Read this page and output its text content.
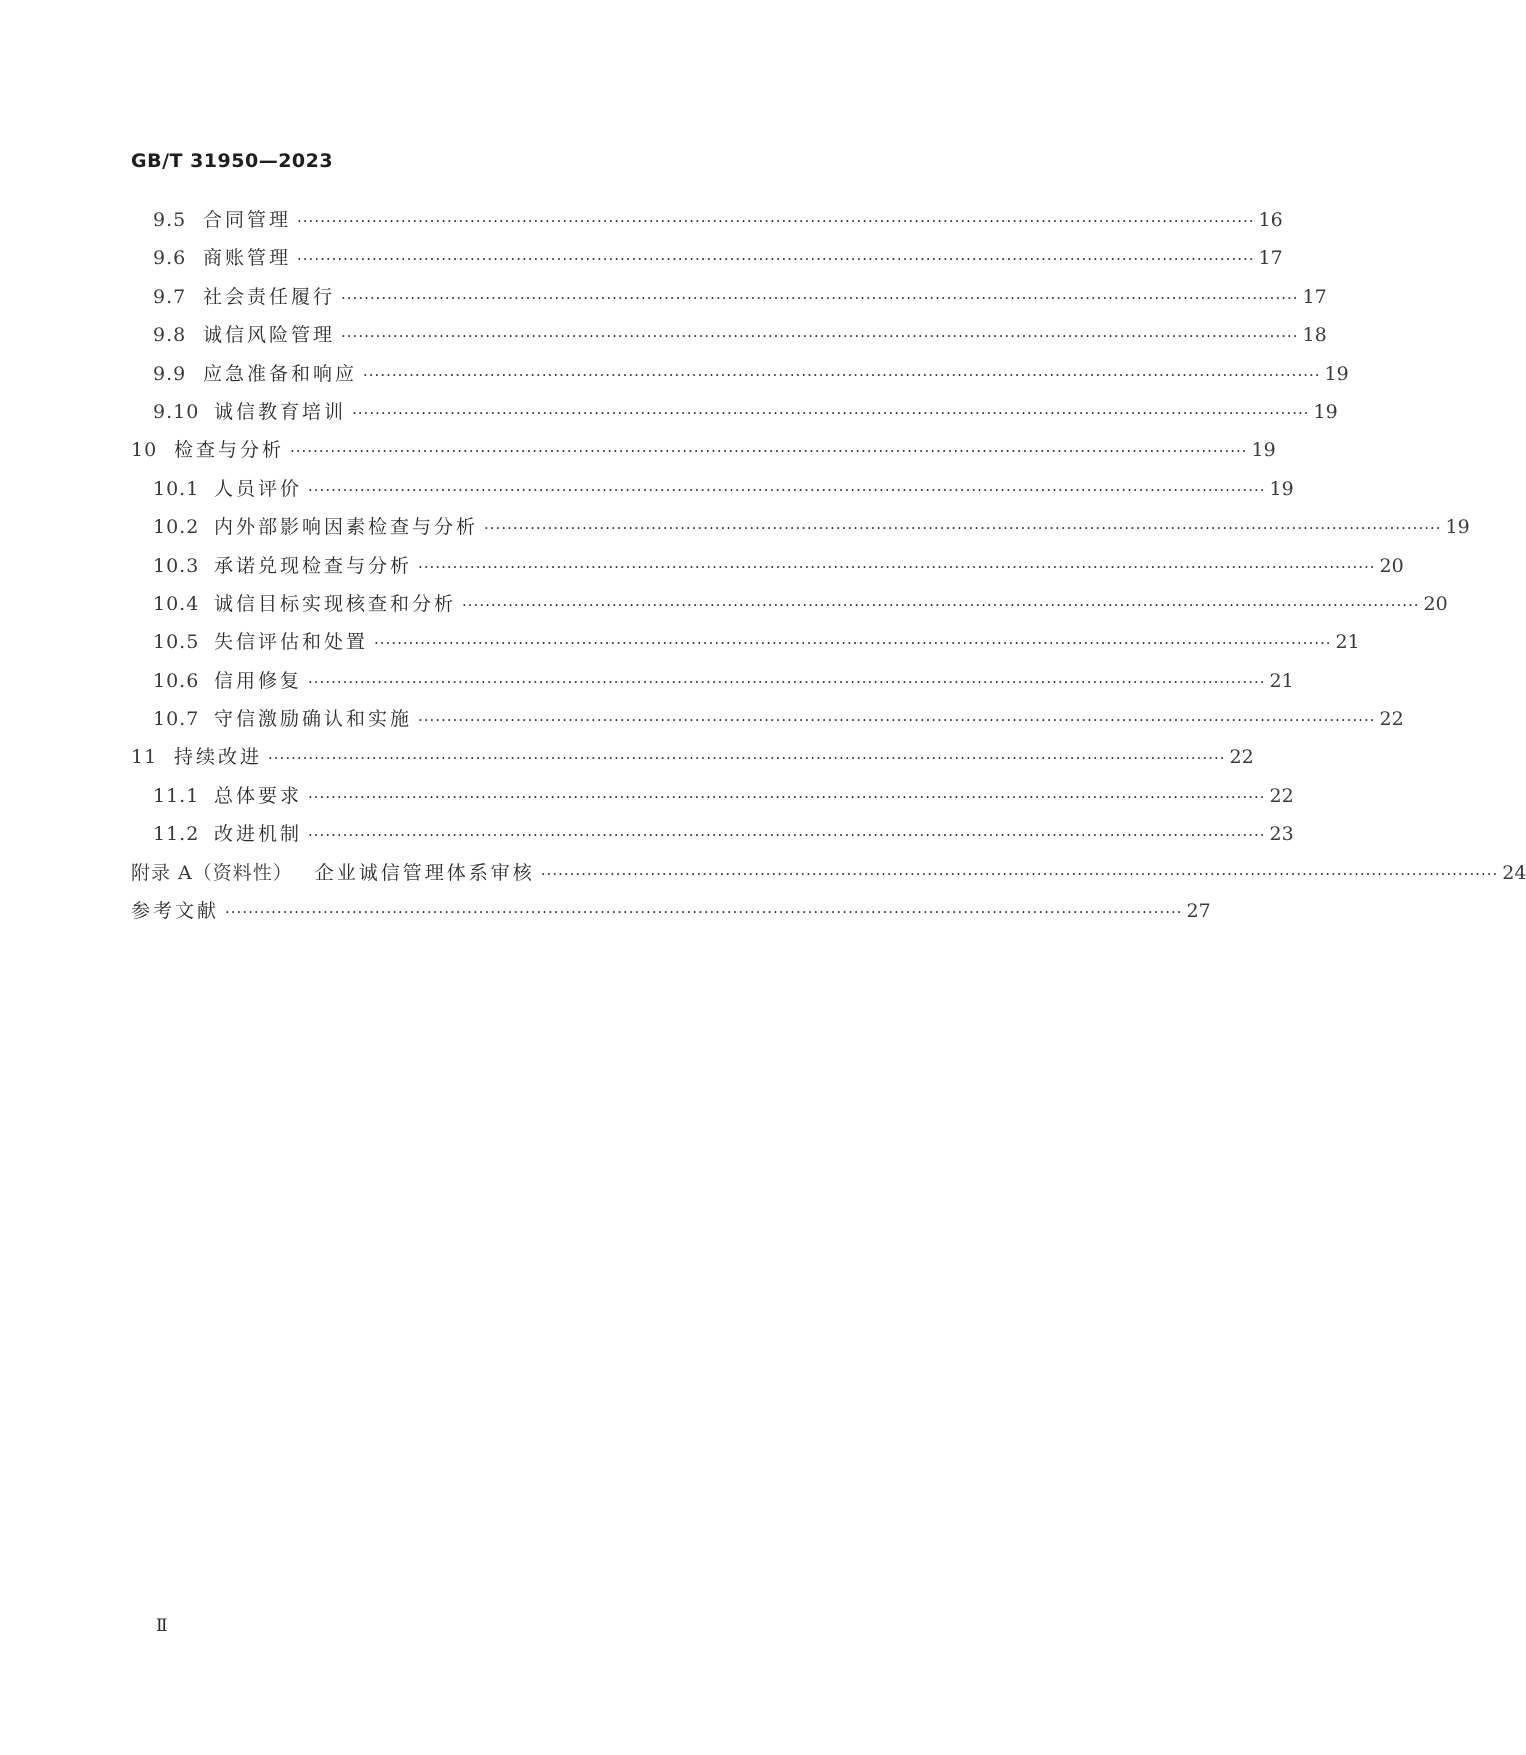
GB/T 31950—2023
9.5 合同管理 ······································································································································································ 16
9.6 商账管理 ······································································································································································ 17
9.7 社会责任履行 ······································································································································································ 17
9.8 诚信风险管理 ······································································································································································ 18
9.9 应急准备和响应 ······································································································································································ 19
9.10 诚信教育培训 ······································································································································································ 19
10 检查与分析 ······································································································································································ 19
10.1 人员评价 ······································································································································································ 19
10.2 内外部影响因素检查与分析 ······································································································································································ 19
10.3 承诺兑现检查与分析 ······································································································································································ 20
10.4 诚信目标实现核查和分析 ······································································································································································ 20
10.5 失信评估和处置 ······································································································································································ 21
10.6 信用修复 ······································································································································································ 21
10.7 守信激励确认和实施 ······································································································································································ 22
11 持续改进 ······································································································································································ 22
11.1 总体要求 ······································································································································································ 22
11.2 改进机制 ······································································································································································ 23
附录 A（资料性）	企业诚信管理体系审核 ······································································································································································ 24
参考文献 ······································································································································································ 27
Ⅱ
